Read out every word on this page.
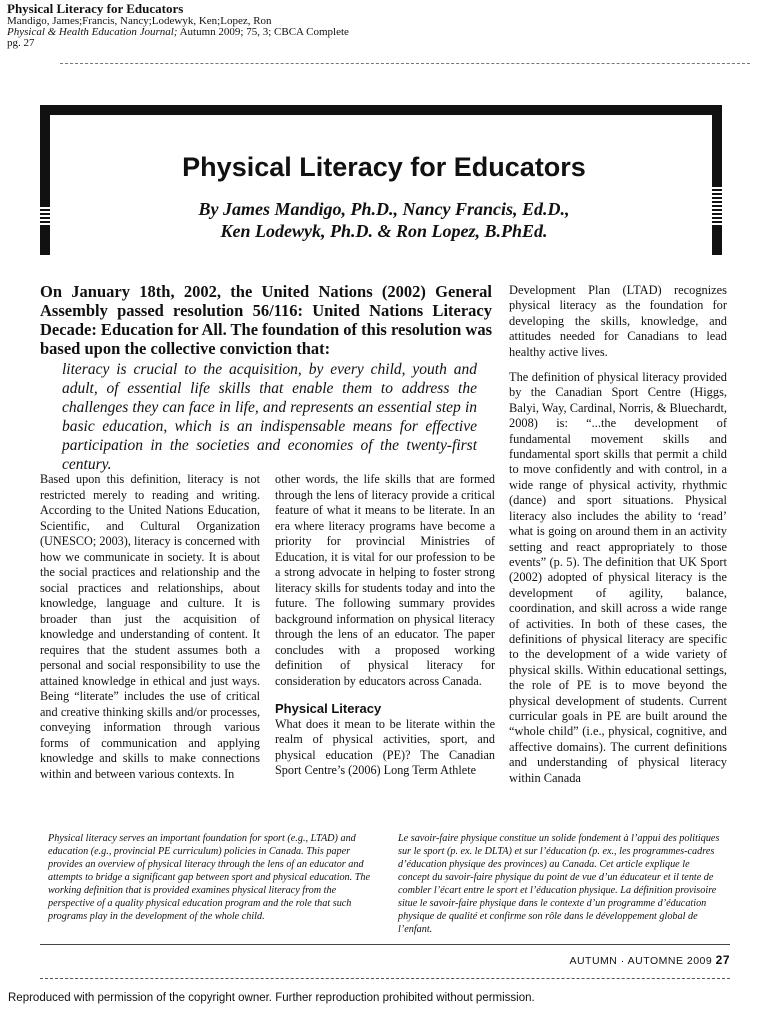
Physical Literacy for Educators
Mandigo, James;Francis, Nancy;Lodewyk, Ken;Lopez, Ron
Physical & Health Education Journal; Autumn 2009; 75, 3; CBCA Complete
pg. 27
Physical Literacy for Educators
By James Mandigo, Ph.D., Nancy Francis, Ed.D.,
Ken Lodewyk, Ph.D. & Ron Lopez, B.PhEd.
On January 18th, 2002, the United Nations (2002) General Assembly passed resolution 56/116: United Nations Literacy Decade: Education for All. The foundation of this resolution was based upon the collective conviction that:
literacy is crucial to the acquisition, by every child, youth and adult, of essential life skills that enable them to address the challenges they can face in life, and represents an essential step in basic education, which is an indispensable means for effective participation in the societies and economies of the twenty-first century.

Based upon this definition, literacy is not restricted merely to reading and writing. According to the United Nations Education, Scientific, and Cultural Organization (UNESCO; 2003), literacy is concerned with how we communicate in society. It is about the social practices and relationship and the social practices and relationships, about knowledge, language and culture. It is broader than just the acquisition of knowledge and understanding of content. It requires that the student assumes both a personal and social responsibility to use the attained knowledge in ethical and just ways. Being “literate” includes the use of critical and creative thinking skills and/or processes, conveying information through various forms of communication and applying knowledge and skills to make connections within and between various contexts. In

other words, the life skills that are formed through the lens of literacy provide a critical feature of what it means to be literate. In an era where literacy programs have become a priority for provincial Ministries of Education, it is vital for our profession to be a strong advocate in helping to foster strong literacy skills for students today and into the future. The following summary provides background information on physical literacy through the lens of an educator. The paper concludes with a proposed working definition of physical literacy for consideration by educators across Canada.

Physical Literacy

What does it mean to be literate within the realm of physical activities, sport, and physical education (PE)? The Canadian Sport Centre’s (2006) Long Term Athlete

Development Plan (LTAD) recognizes physical literacy as the foundation for developing the skills, knowledge, and attitudes needed for Canadians to lead healthy active lives.

The definition of physical literacy provided by the Canadian Sport Centre (Higgs, Balyi, Way, Cardinal, Norris, & Bluechardt, 2008) is: “...the development of fundamental movement skills and fundamental sport skills that permit a child to move confidently and with control, in a wide range of physical activity, rhythmic (dance) and sport situations. Physical literacy also includes the ability to ‘read’ what is going on around them in an activity setting and react appropriately to those events” (p. 5). The definition that UK Sport (2002) adopted of physical literacy is the development of agility, balance, coordination, and skill across a wide range of activities. In both of these cases, the definitions of physical literacy are specific to the development of a wide variety of physical skills. Within educational settings, the role of PE is to move beyond the physical development of students. Current curricular goals in PE are built around the “whole child” (i.e., physical, cognitive, and affective domains). The current definitions and understanding of physical literacy within Canada

Physical literacy serves an important foundation for sport (e.g., LTAD) and education (e.g., provincial PE curriculum) policies in Canada. This paper provides an overview of physical literacy through the lens of an educator and attempts to bridge a significant gap between sport and physical education. The working definition that is provided examines physical literacy from the perspective of a quality physical education program and the role that such programs play in the development of the whole child.
Le savoir-faire physique constitue un solide fondement à l’appui des politiques sur le sport (p. ex. le DLTA) et sur l’éducation (p. ex., les programmes-cadres d’éducation physique des provinces) au Canada. Cet article explique le concept du savoir-faire physique du point de vue d’un éducateur et il tente de combler l’écart entre le sport et l’éducation physique. La définition provisoire situe le savoir-faire physique dans le contexte d’un programme d’éducation physique de qualité et confirme son rôle dans le développement global de l’enfant.
AUTUMN · AUTOMNE 2009 27
Reproduced with permission of the copyright owner. Further reproduction prohibited without permission.
